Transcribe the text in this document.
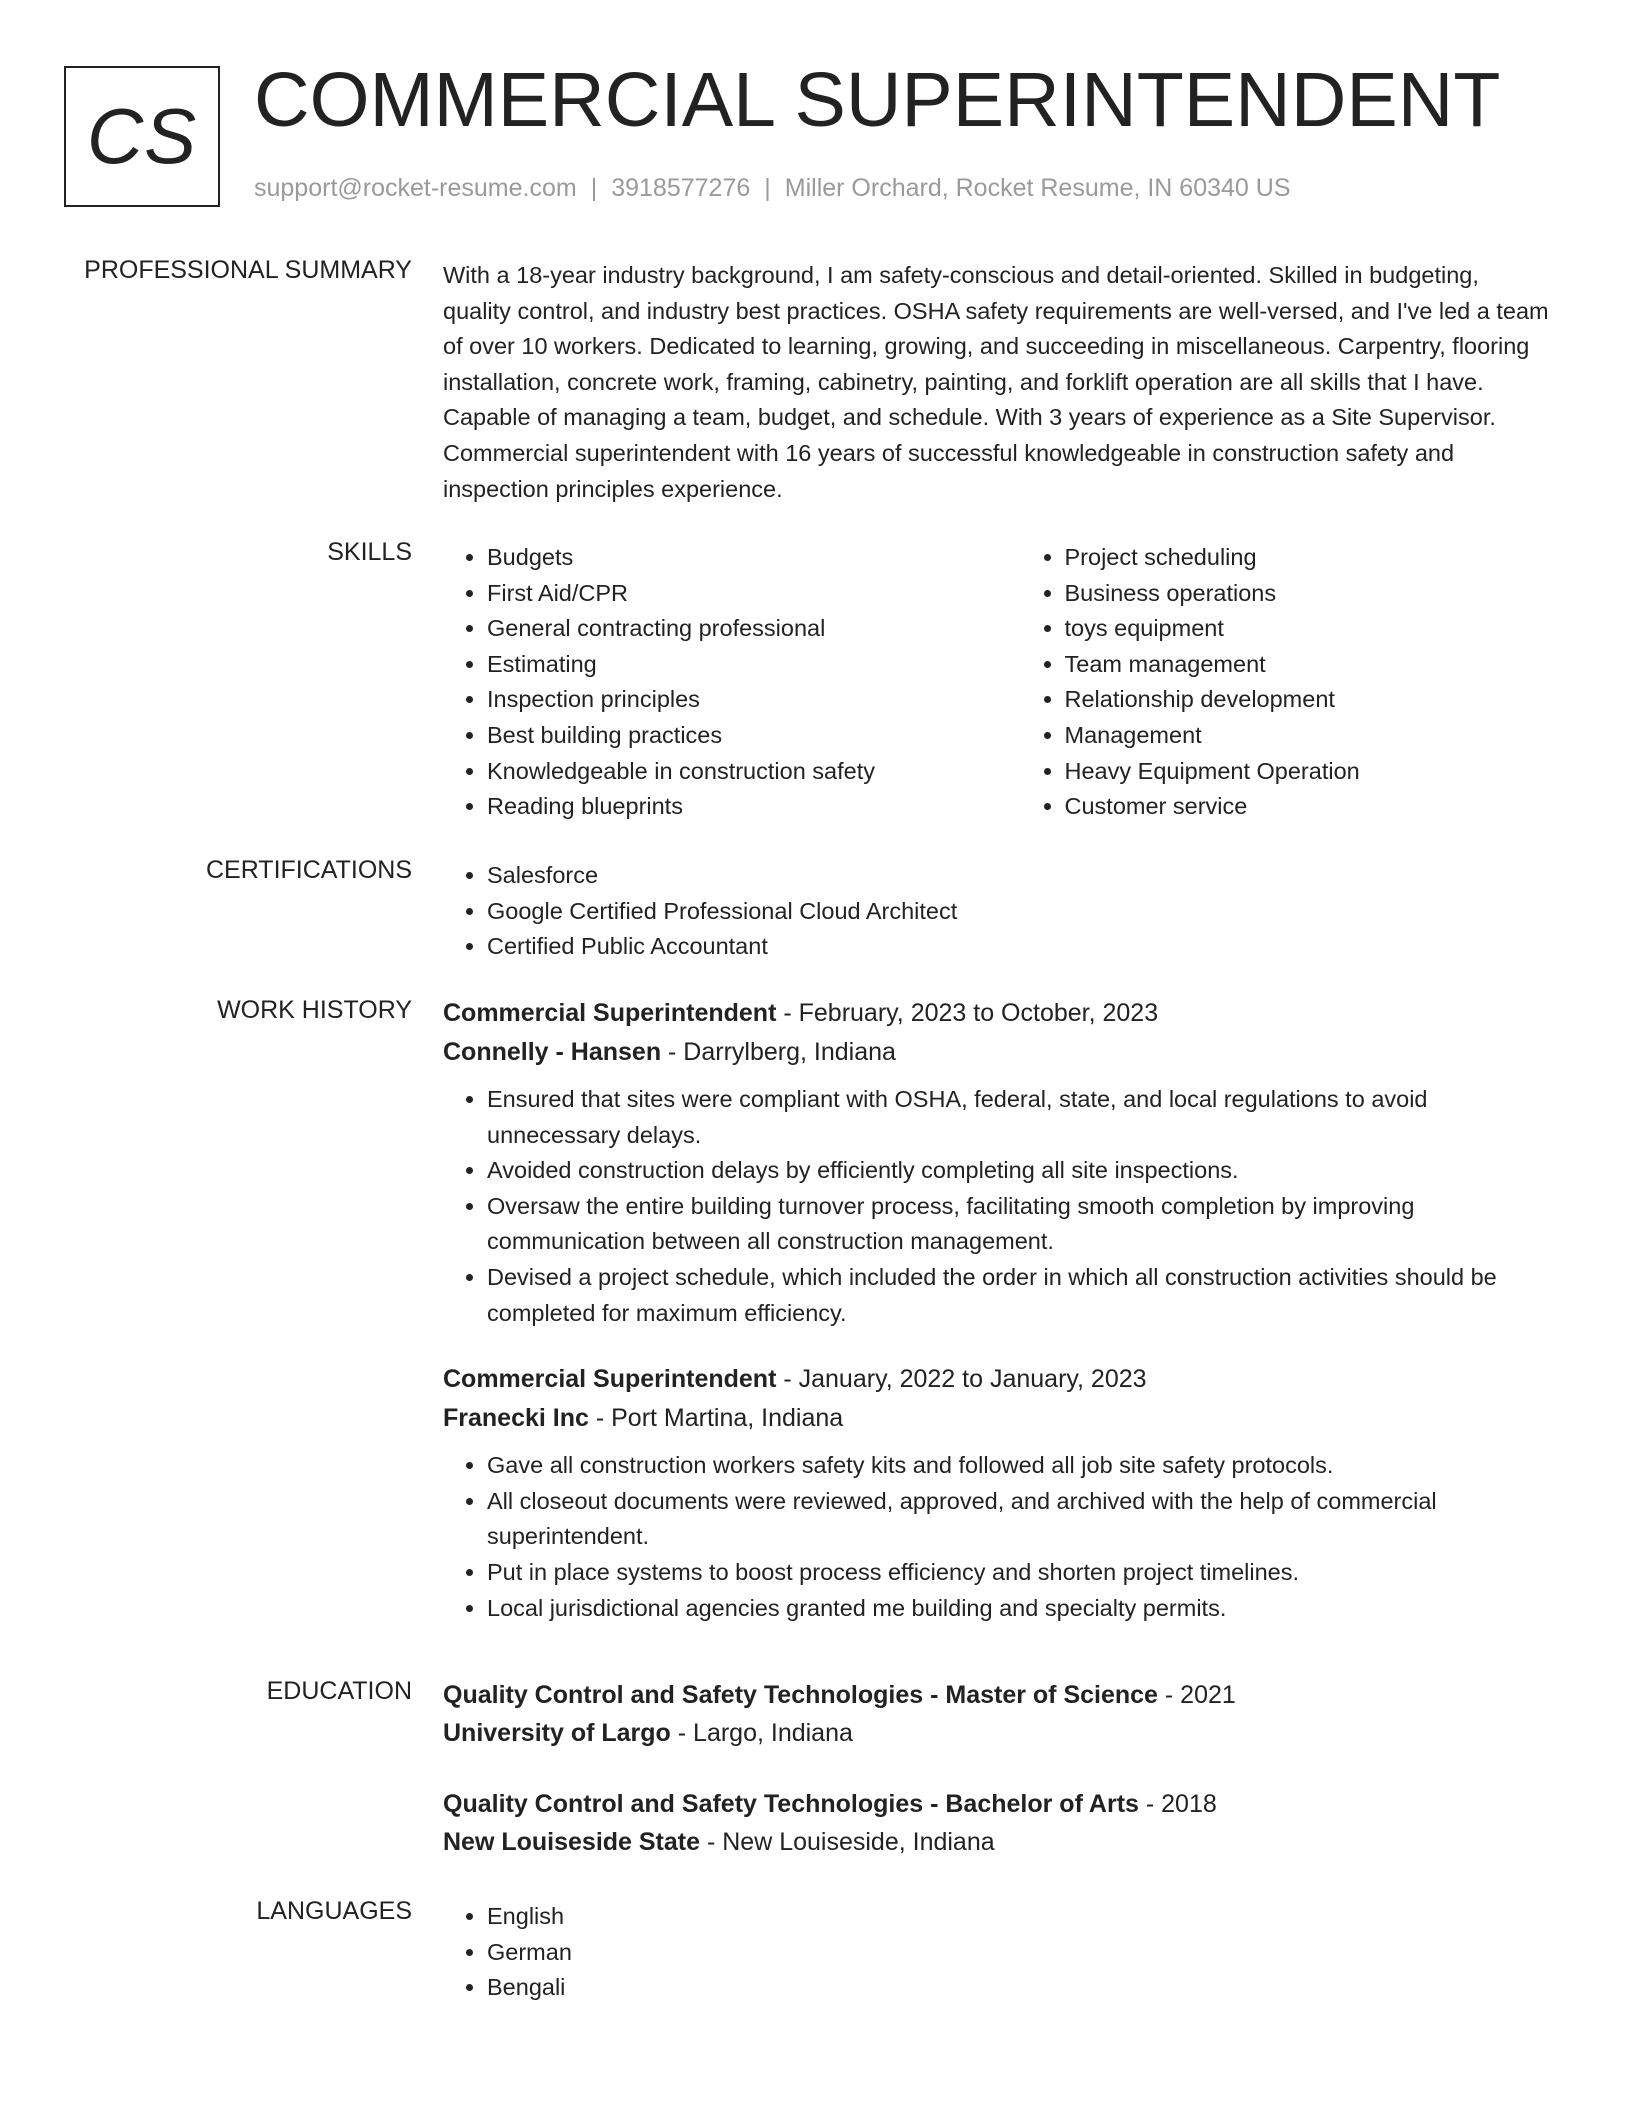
CS COMMERCIAL SUPERINTENDENT
support@rocket-resume.com | 3918577276 | Miller Orchard, Rocket Resume, IN 60340 US
PROFESSIONAL SUMMARY With a 18-year industry background, I am safety-conscious and detail-oriented. Skilled in budgeting, quality control, and industry best practices. OSHA safety requirements are well-versed, and I've led a team of over 10 workers. Dedicated to learning, growing, and succeeding in miscellaneous. Carpentry, flooring installation, concrete work, framing, cabinetry, painting, and forklift operation are all skills that I have. Capable of managing a team, budget, and schedule. With 3 years of experience as a Site Supervisor. Commercial superintendent with 16 years of successful knowledgeable in construction safety and inspection principles experience.
SKILLS	• Budgets
• First Aid/CPR
• General contracting professional
• Estimating
• Inspection principles
• Best building practices
• Knowledgeable in construction safety
• Reading blueprints
• Project scheduling
• Business operations
• toys equipment
• Team management
• Relationship development
• Management
• Heavy Equipment Operation
• Customer service
CERTIFICATIONS	• Salesforce
• Google Certified Professional Cloud Architect
• Certified Public Accountant
WORK HISTORY Commercial Superintendent - February, 2023 to October, 2023
Connelly - Hansen - Darrylberg, Indiana
• Ensured that sites were compliant with OSHA, federal, state, and local regulations to avoid unnecessary delays.
• Avoided construction delays by efficiently completing all site inspections.
• Oversaw the entire building turnover process, facilitating smooth completion by improving communication between all construction management.
• Devised a project schedule, which included the order in which all construction activities should be completed for maximum efficiency.
Commercial Superintendent - January, 2022 to January, 2023
Franecki Inc - Port Martina, Indiana
• Gave all construction workers safety kits and followed all job site safety protocols.
• All closeout documents were reviewed, approved, and archived with the help of commercial superintendent.
• Put in place systems to boost process efficiency and shorten project timelines.
• Local jurisdictional agencies granted me building and specialty permits.
EDUCATION Quality Control and Safety Technologies - Master of Science - 2021
University of Largo - Largo, Indiana
Quality Control and Safety Technologies - Bachelor of Arts - 2018
New Louiseside State - New Louiseside, Indiana
LANGUAGES	• English
• German
• Bengali
